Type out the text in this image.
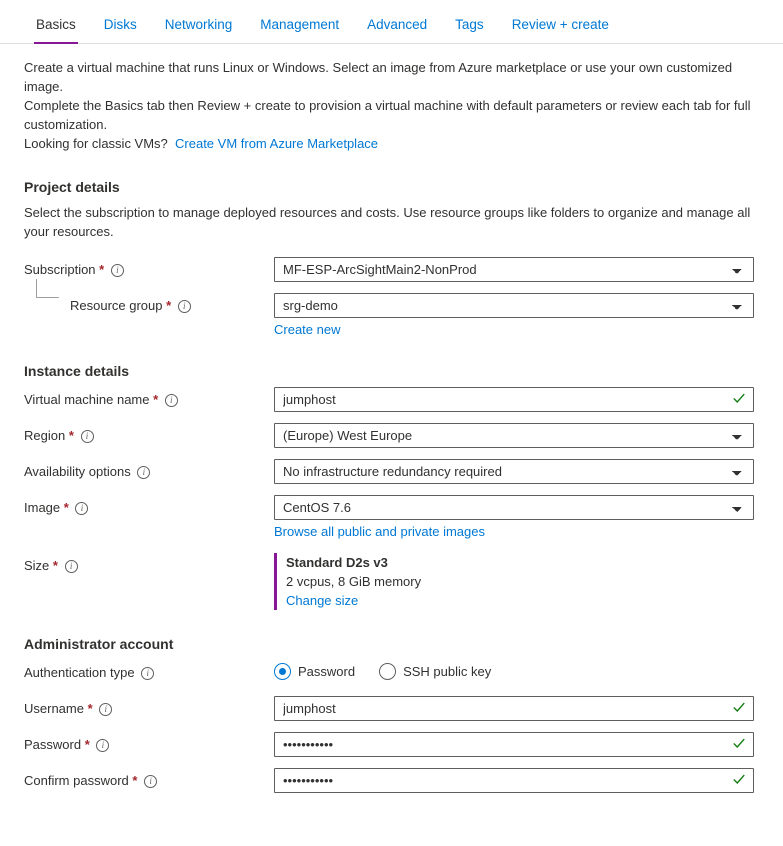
Basics	Disks	Networking	Management	Advanced	Tags	Review + create

Create a virtual machine that runs Linux or Windows. Select an image from Azure marketplace or use your own customized image.

Complete the Basics tab then Review + create to provision a virtual machine with default parameters or review each tab for full customization.

Looking for classic VMs? Create VM from Azure Marketplace

Project details
Select the subscription to manage deployed resources and costs. Use resource groups like folders to organize and manage all your resources.
Subscription * i
MF-ESP-ArcSightMain2-NonProd
Resource group * i
srg-demo
Create new
Instance details
Virtual machine name * i
jumphost
Region * i
(Europe) West Europe
Availability options i
No infrastructure redundancy required
Image * i
CentOS 7.6
Browse all public and private images
Size * i	Standard D2s v3
2 vcpus, 8 GiB memory
Change size
Administrator account
Authentication type i	Password	SSH public key
Username * i
jumphost
Password * i
•••••••••••
Confirm password * i
•••••••••••
